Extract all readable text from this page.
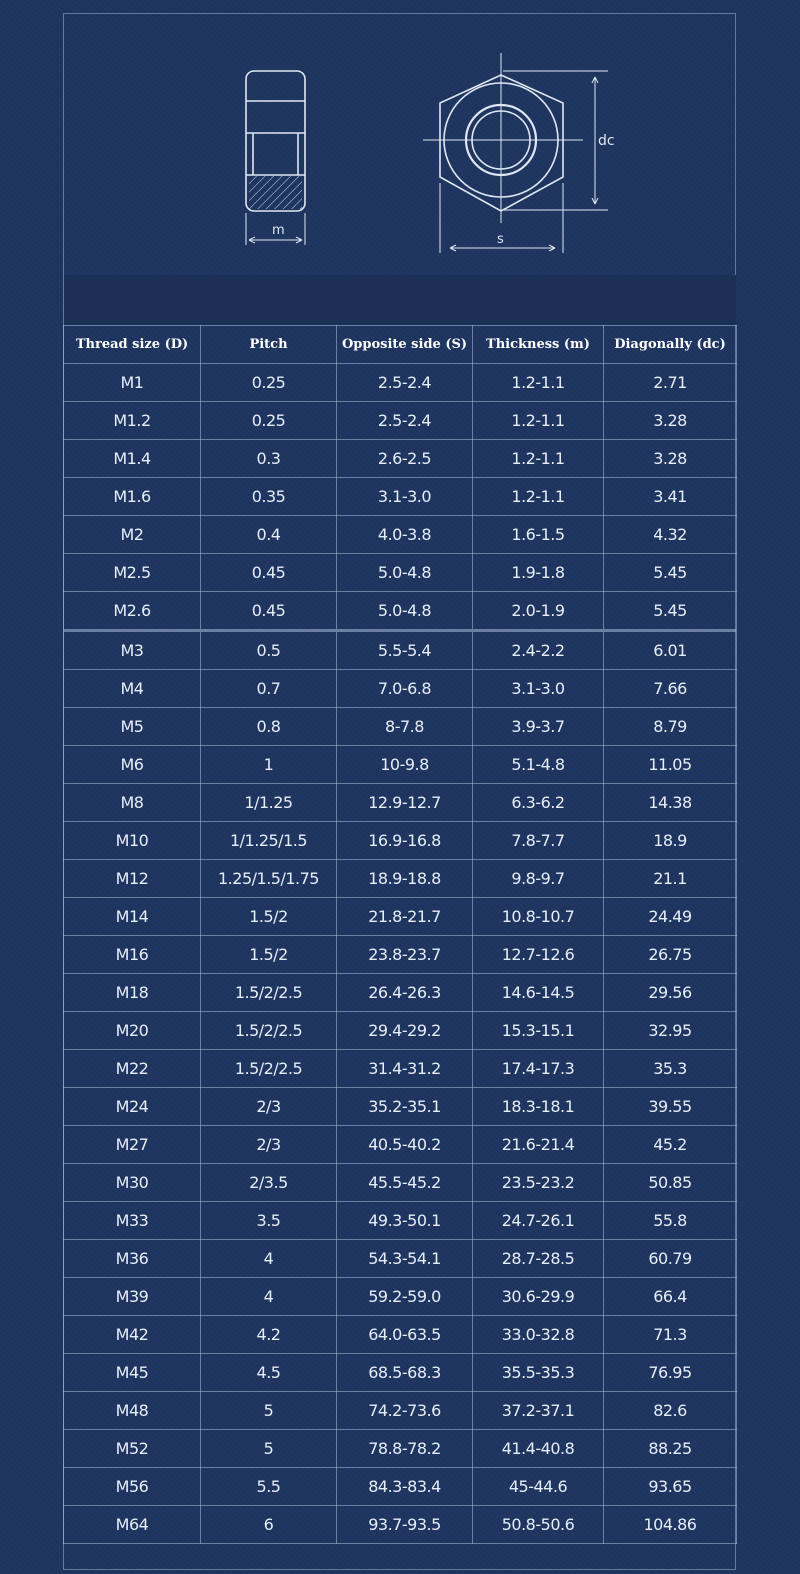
m
s
dc
Thread size (D)	Pitch	Opposite side (S)	Thickness (m)	Diagonally (dc)
M1	0.25	2.5-2.4	1.2-1.1	2.71
M1.2	0.25	2.5-2.4	1.2-1.1	3.28
M1.4	0.3	2.6-2.5	1.2-1.1	3.28
M1.6	0.35	3.1-3.0	1.2-1.1	3.41
M2	0.4	4.0-3.8	1.6-1.5	4.32
M2.5	0.45	5.0-4.8	1.9-1.8	5.45
M2.6	0.45	5.0-4.8	2.0-1.9	5.45
M3	0.5	5.5-5.4	2.4-2.2	6.01
M4	0.7	7.0-6.8	3.1-3.0	7.66
M5	0.8	8-7.8	3.9-3.7	8.79
M6	1	10-9.8	5.1-4.8	11.05
M8	1/1.25	12.9-12.7	6.3-6.2	14.38
M10	1/1.25/1.5	16.9-16.8	7.8-7.7	18.9
M12	1.25/1.5/1.75	18.9-18.8	9.8-9.7	21.1
M14	1.5/2	21.8-21.7	10.8-10.7	24.49
M16	1.5/2	23.8-23.7	12.7-12.6	26.75
M18	1.5/2/2.5	26.4-26.3	14.6-14.5	29.56
M20	1.5/2/2.5	29.4-29.2	15.3-15.1	32.95
M22	1.5/2/2.5	31.4-31.2	17.4-17.3	35.3
M24	2/3	35.2-35.1	18.3-18.1	39.55
M27	2/3	40.5-40.2	21.6-21.4	45.2
M30	2/3.5	45.5-45.2	23.5-23.2	50.85
M33	3.5	49.3-50.1	24.7-26.1	55.8
M36	4	54.3-54.1	28.7-28.5	60.79
M39	4	59.2-59.0	30.6-29.9	66.4
M42	4.2	64.0-63.5	33.0-32.8	71.3
M45	4.5	68.5-68.3	35.5-35.3	76.95
M48	5	74.2-73.6	37.2-37.1	82.6
M52	5	78.8-78.2	41.4-40.8	88.25
M56	5.5	84.3-83.4	45-44.6	93.65
M64	6	93.7-93.5	50.8-50.6	104.86
